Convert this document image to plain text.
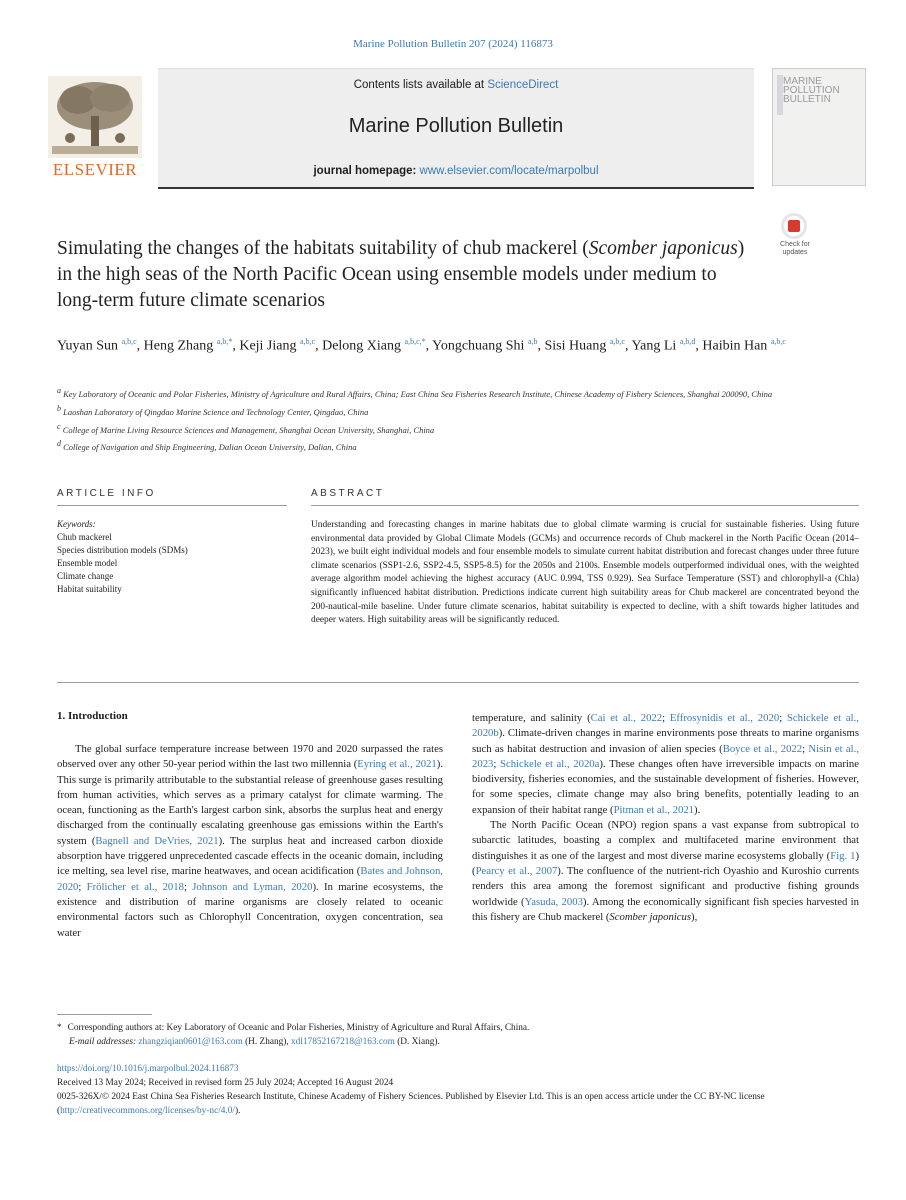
Marine Pollution Bulletin 207 (2024) 116873
ELSEVIER
Contents lists available at ScienceDirect
Marine Pollution Bulletin
journal homepage: www.elsevier.com/locate/marpolbul
MARINE POLLUTION BULLETIN
Check for updates
Simulating the changes of the habitats suitability of chub mackerel (Scomber japonicus) in the high seas of the North Pacific Ocean using ensemble models under medium to long-term future climate scenarios
Yuyan Sun $^{a,b,c}$, Heng Zhang $^{a,b,*}$, Keji Jiang $^{a,b,c}$, Delong Xiang $^{a,b,c,*}$, Yongchuang Shi $^{a,b}$, Sisi Huang $^{a,b,c}$, Yang Li $^{a,b,d}$, Haibin Han $^{a,b,c}$
$^a$ Key Laboratory of Oceanic and Polar Fisheries, Ministry of Agriculture and Rural Affairs, China; East China Sea Fisheries Research Institute, Chinese Academy of Fishery Sciences, Shanghai 200090, China
$^b$ Laoshan Laboratory of Qingdao Marine Science and Technology Center, Qingdao, China
$^c$ College of Marine Living Resource Sciences and Management, Shanghai Ocean University, Shanghai, China
$^d$ College of Navigation and Ship Engineering, Dalian Ocean University, Dalian, China
ARTICLE INFO	ABSTRACT
Keywords:
Chub mackerel
Species distribution models (SDMs)
Ensemble model
Climate change
Habitat suitability
Understanding and forecasting changes in marine habitats due to global climate warming is crucial for sustainable fisheries. Using future environmental data provided by Global Climate Models (GCMs) and occurrence records of Chub mackerel in the North Pacific Ocean (2014–2023), we built eight individual models and four ensemble models to simulate current habitat distribution and forecast changes under three future climate scenarios (SSP1-2.6, SSP2-4.5, SSP5-8.5) for the 2050s and 2100s. Ensemble models outperformed individual ones, with the weighted average algorithm model achieving the highest accuracy (AUC 0.994, TSS 0.929). Sea Surface Temperature (SST) and chlorophyll-a (Chla) significantly influenced habitat distribution. Predictions indicate current high suitability areas for Chub mackerel are concentrated beyond the 200-nautical-mile baseline. Under future climate scenarios, habitat suitability is expected to decline, with a shift towards higher latitudes and deeper waters. High suitability areas will be significantly reduced.
1. Introduction

The global surface temperature increase between 1970 and 2020 surpassed the rates observed over any other 50-year period within the last two millennia (Eyring et al., 2021). This surge is primarily attributable to the substantial release of greenhouse gases resulting from human activities, which serves as a primary catalyst for climate warming. The ocean, functioning as the Earth's largest carbon sink, absorbs the surplus heat and energy discharged from the continually escalating greenhouse gas emissions within the Earth's system (Bagnell and DeVries, 2021). The surplus heat and increased carbon dioxide absorption have triggered unprecedented cascade effects in the oceanic domain, including ice melting, sea level rise, marine heatwaves, and ocean acidification (Bates and Johnson, 2020; Frölicher et al., 2018; Johnson and Lyman, 2020). In marine ecosystems, the existence and distribution of marine organisms are closely related to oceanic environmental factors such as Chlorophyll Concentration, oxygen concentration, sea water

temperature, and salinity (Cai et al., 2022; Effrosynidis et al., 2020; Schickele et al., 2020b). Climate-driven changes in marine environments pose threats to marine organisms such as habitat destruction and invasion of alien species (Boyce et al., 2022; Nisin et al., 2023; Schickele et al., 2020a). These changes often have irreversible impacts on marine biodiversity, fisheries economies, and the sustainable development of fisheries. However, for some species, climate change may also bring benefits, potentially leading to an expansion of their habitat range (Pitman et al., 2021).

The North Pacific Ocean (NPO) region spans a vast expanse from subtropical to subarctic latitudes, boasting a complex and multifaceted marine environment that distinguishes it as one of the largest and most diverse marine ecosystems globally (Fig. 1) (Pearcy et al., 2007). The confluence of the nutrient-rich Oyashio and Kuroshio currents renders this area among the foremost significant and productive fishing grounds worldwide (Yasuda, 2003). Among the economically significant fish species harvested in this fishery are Chub mackerel (Scomber japonicus),

* Corresponding authors at: Key Laboratory of Oceanic and Polar Fisheries, Ministry of Agriculture and Rural Affairs, China.
E-mail addresses: zhangziqian0601@163.com (H. Zhang), xdl17852167218@163.com (D. Xiang).
https://doi.org/10.1016/j.marpolbul.2024.116873
Received 13 May 2024; Received in revised form 25 July 2024; Accepted 16 August 2024
0025-326X/© 2024 East China Sea Fisheries Research Institute, Chinese Academy of Fishery Sciences. Published by Elsevier Ltd. This is an open access article under the CC BY-NC license (http://creativecommons.org/licenses/by-nc/4.0/).
